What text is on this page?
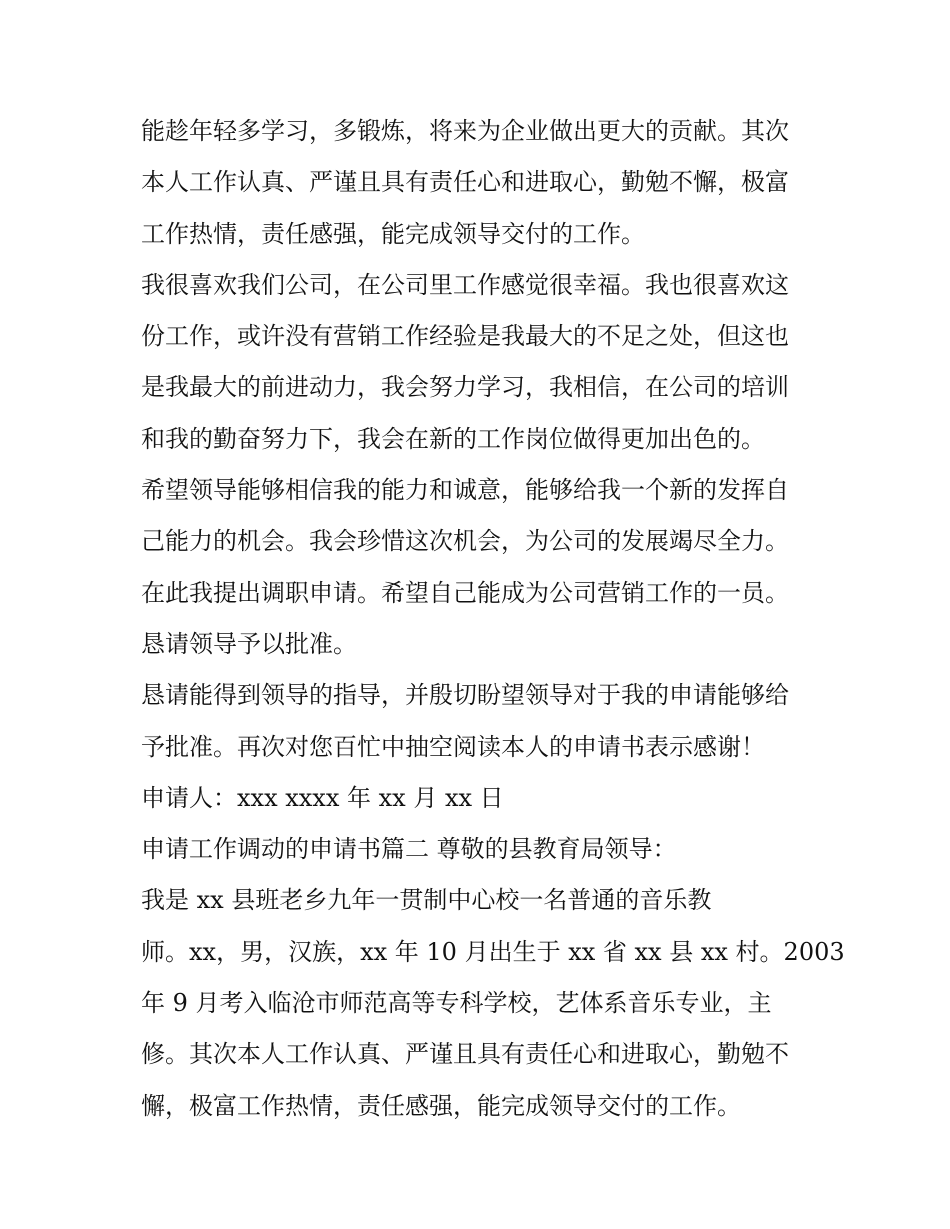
能趁年轻多学习，多锻炼，将来为企业做出更大的贡献。其次
本人工作认真、严谨且具有责任心和进取心，勤勉不懈，极富
工作热情，责任感强，能完成领导交付的工作。
我很喜欢我们公司，在公司里工作感觉很幸福。我也很喜欢这
份工作，或许没有营销工作经验是我最大的不足之处，但这也
是我最大的前进动力，我会努力学习，我相信，在公司的培训
和我的勤奋努力下，我会在新的工作岗位做得更加出色的。
希望领导能够相信我的能力和诚意，能够给我一个新的发挥自
己能力的机会。我会珍惜这次机会，为公司的发展竭尽全力。
在此我提出调职申请。希望自己能成为公司营销工作的一员。
恳请领导予以批准。
恳请能得到领导的指导，并殷切盼望领导对于我的申请能够给
予批准。再次对您百忙中抽空阅读本人的申请书表示感谢！
申请人：xxx xxxx 年 xx 月 xx 日
申请工作调动的申请书篇二 尊敬的县教育局领导：
我是 xx 县班老乡九年一贯制中心校一名普通的音乐教
师。xx，男，汉族，xx 年 10 月出生于 xx 省 xx 县 xx 村。2003
年 9 月考入临沧市师范高等专科学校，艺体系音乐专业，主
修。其次本人工作认真、严谨且具有责任心和进取心，勤勉不
懈，极富工作热情，责任感强，能完成领导交付的工作。
